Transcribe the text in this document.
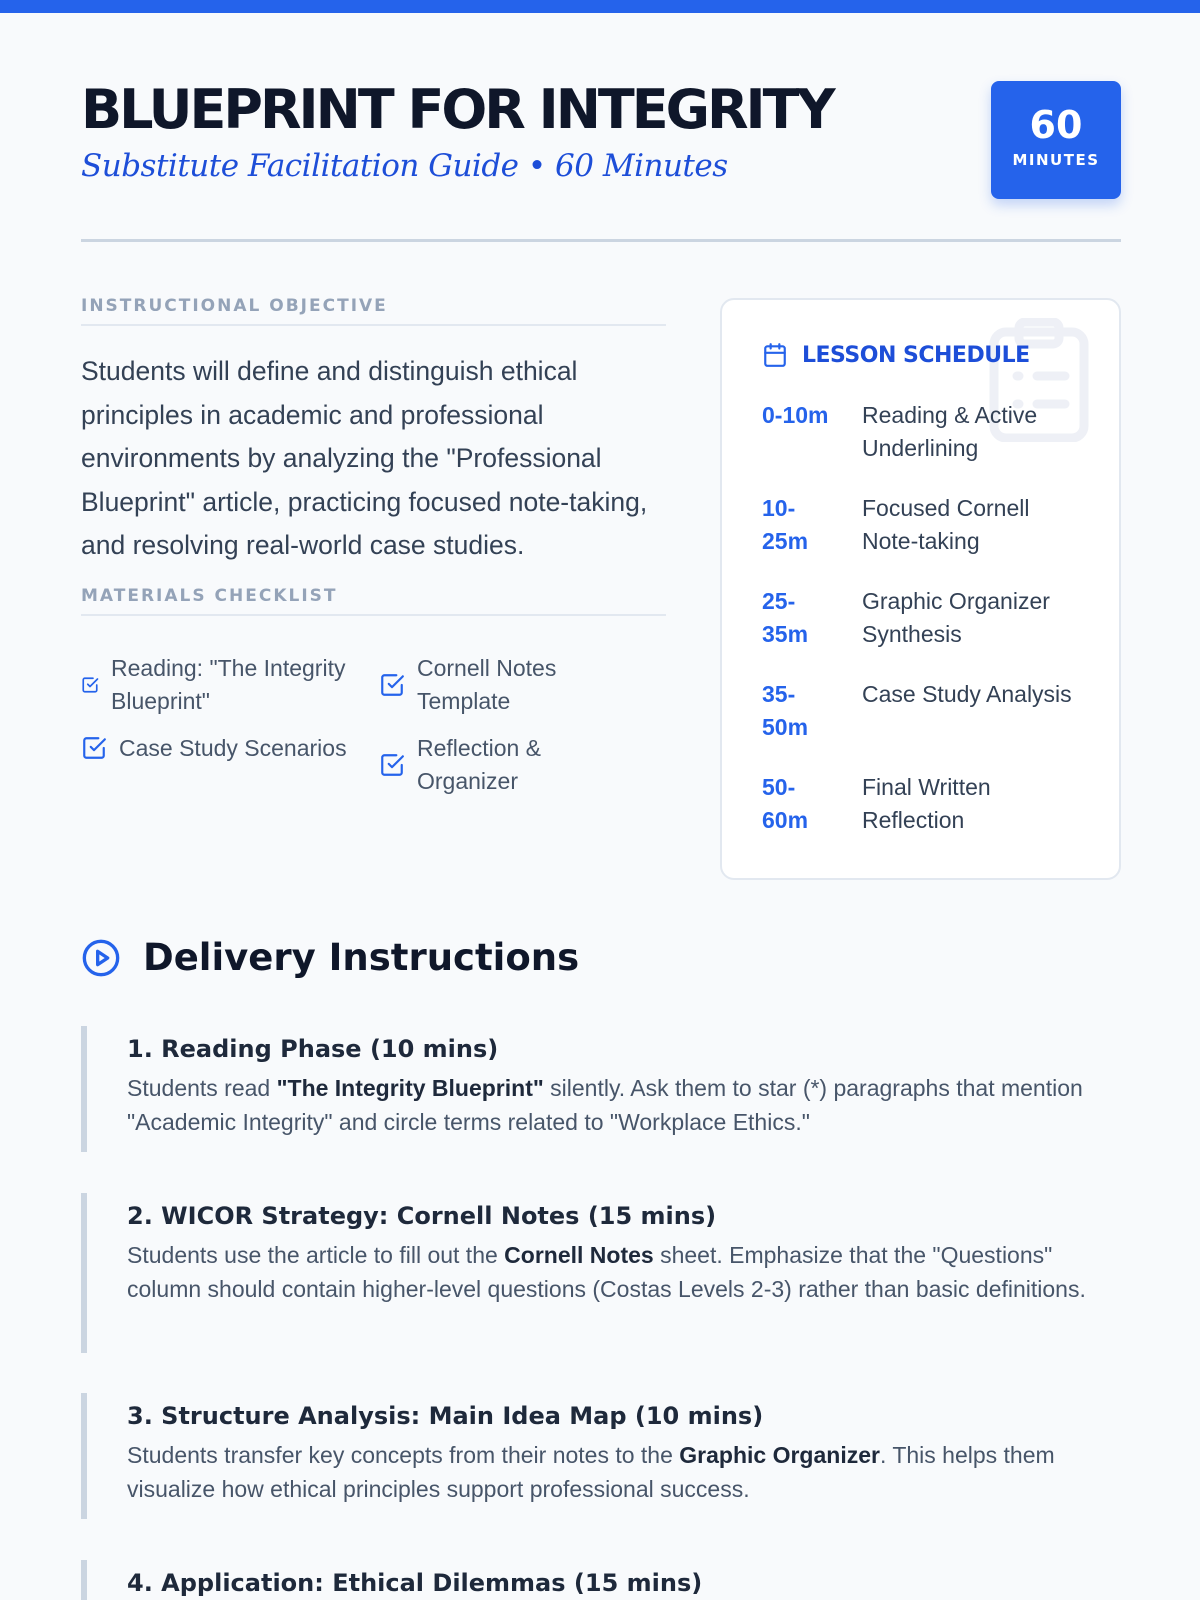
BLUEPRINT FOR INTEGRITY
Substitute Facilitation Guide • 60 Minutes
60
MINUTES
INSTRUCTIONAL OBJECTIVE
Students will define and distinguish ethical principles in academic and professional environments by analyzing the "Professional Blueprint" article, practicing focused note-taking, and resolving real-world case studies.
MATERIALS CHECKLIST
Reading: "The Integrity Blueprint"
Cornell Notes Template
Case Study Scenarios	Reflection & Organizer
LESSON SCHEDULE
0-10m	Reading & Active Underlining
10-25m
Focused Cornell Note-taking
25-35m
Graphic Organizer Synthesis
35-50m
Case Study Analysis
50-60m
Final Written Reflection
Delivery Instructions
1. Reading Phase (10 mins)
Students read "The Integrity Blueprint" silently. Ask them to star (*) paragraphs that mention "Academic Integrity" and circle terms related to "Workplace Ethics."
2. WICOR Strategy: Cornell Notes (15 mins)
Students use the article to fill out the Cornell Notes sheet. Emphasize that the "Questions" column should contain higher-level questions (Costas Levels 2-3) rather than basic definitions.
3. Structure Analysis: Main Idea Map (10 mins)
Students transfer key concepts from their notes to the Graphic Organizer. This helps them visualize how ethical principles support professional success.
4. Application: Ethical Dilemmas (15 mins)
